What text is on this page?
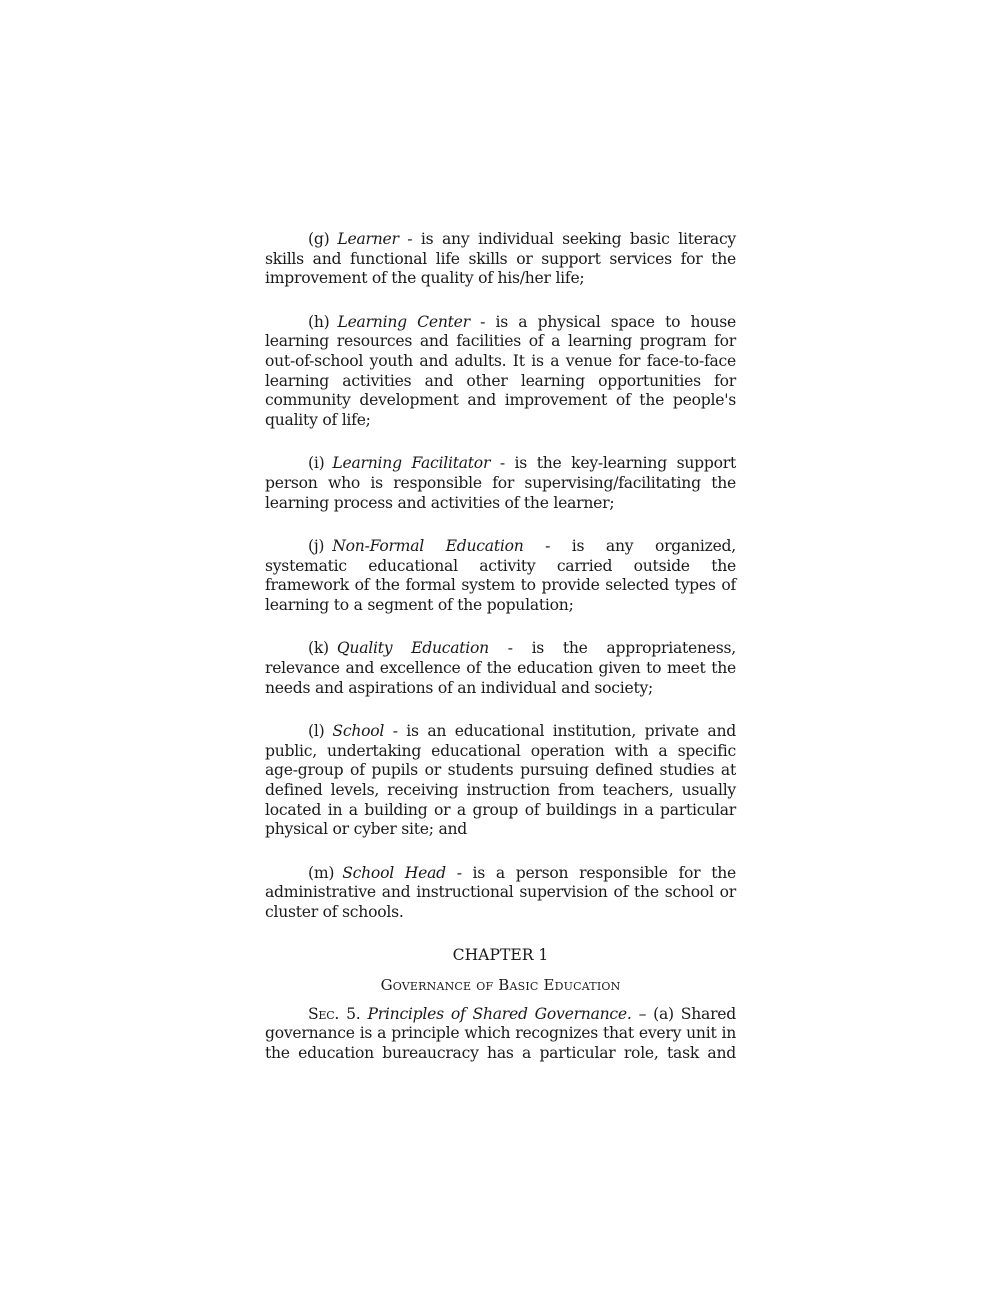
(g) Learner - is any individual seeking basic literacy skills and functional life skills or support services for the improvement of the quality of his/her life;

(h) Learning Center - is a physical space to house learning resources and facilities of a learning program for out-of-school youth and adults. It is a venue for face-to-face learning activities and other learning opportunities for community development and improvement of the people's quality of life;

(i) Learning Facilitator - is the key-learning support person who is responsible for supervising/facilitating the learning process and activities of the learner;

(j) Non-Formal Education - is any organized, systematic educational activity carried outside the framework of the formal system to provide selected types of learning to a segment of the population;

(k) Quality Education - is the appropriateness, relevance and excellence of the education given to meet the needs and aspirations of an individual and society;

(l) School - is an educational institution, private and public, undertaking educational operation with a specific age-group of pupils or students pursuing defined studies at defined levels, receiving instruction from teachers, usually located in a building or a group of buildings in a particular physical or cyber site; and

(m) School Head - is a person responsible for the administrative and instructional supervision of the school or cluster of schools.

CHAPTER 1
Governance of Basic Education

Sec. 5. Principles of Shared Governance. – (a) Shared governance is a principle which recognizes that every unit in the education bureaucracy has a particular role, task and
